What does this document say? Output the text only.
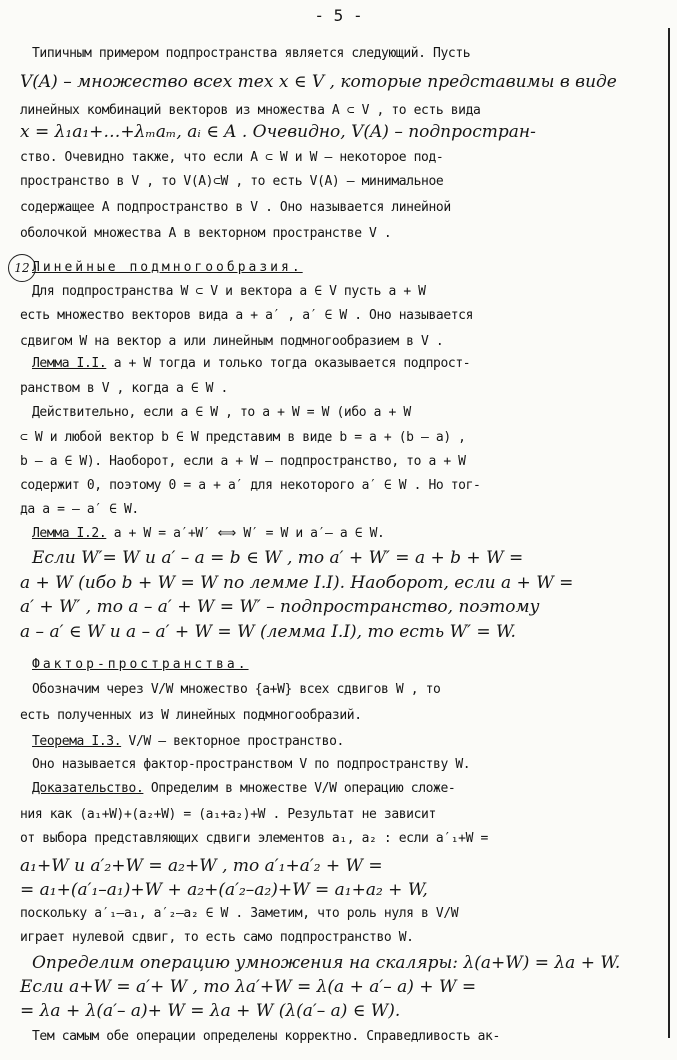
- 5 -
12
Типичным примером подпространства является следующий. Пусть
V(A) – множество всех тех x ∈ V , которые представимы в виде
линейных комбинаций векторов из множества A ⊂ V , то есть вида
x = λ₁a₁+…+λₘaₘ, aᵢ ∈ A . Очевидно, V(A) – подпростран-
ство. Очевидно также, что если A ⊂ W и W – некоторое под-
пространство в V , то V(A)⊂W , то есть V(A) – минимальное
содержащее A подпространство в V . Оно называется линейной
оболочкой множества A в векторном пространстве V .
Линейные подмногообразия.
Для подпространства W ⊂ V и вектора a ∈ V пусть a + W
есть множество векторов вида a + a′ , a′ ∈ W . Оно называется
сдвигом W на вектор a или линейным подмногообразием в V .
Лемма I.I. a + W тогда и только тогда оказывается подпрост-
ранством в V , когда a ∈ W .
Действительно, если a ∈ W , то a + W = W (ибо a + W
⊂ W и любой вектор b ∈ W представим в виде b = a + (b – a) ,
b – a ∈ W). Наоборот, если a + W – подпространство, то a + W
содержит 0, поэтому 0 = a + a′ для некоторого a′ ∈ W . Но тог-
да a = – a′ ∈ W.
Лемма I.2. a + W = a′+W′ ⟺ W′ = W и a′– a ∈ W.
Если W′= W и a′ – a = b ∈ W , то a′ + W′ = a + b + W =
a + W (ибо b + W = W по лемме I.I). Наоборот, если a + W =
a′ + W′ , то a – a′ + W = W′ – подпространство, поэтому
a – a′ ∈ W и a – a′ + W = W (лемма I.I), то есть W′ = W.
Фактор-пространства.
Обозначим через V/W множество {a+W} всех сдвигов W , то
есть полученных из W линейных подмногообразий.
Теорема I.3. V/W – векторное пространство.
Оно называется фактор-пространством V по подпространству W.
Доказательство. Определим в множестве V/W операцию сложе-
ния как (a₁+W)+(a₂+W) = (a₁+a₂)+W . Результат не зависит
от выбора представляющих сдвиги элементов a₁, a₂ : если a′₁+W =
a₁+W и a′₂+W = a₂+W , то a′₁+a′₂ + W =
= a₁+(a′₁–a₁)+W + a₂+(a′₂–a₂)+W = a₁+a₂ + W,
поскольку a′₁–a₁, a′₂–a₂ ∈ W . Заметим, что роль нуля в V/W
играет нулевой сдвиг, то есть само подпространство W.
Определим операцию умножения на скаляры: λ(a+W) = λa + W.
Если a+W = a′+ W , то λa′+W = λ(a + a′– a) + W =
= λa + λ(a′– a)+ W = λa + W (λ(a′– a) ∈ W).
Тем самым обе операции определены корректно. Справедливость ак-
